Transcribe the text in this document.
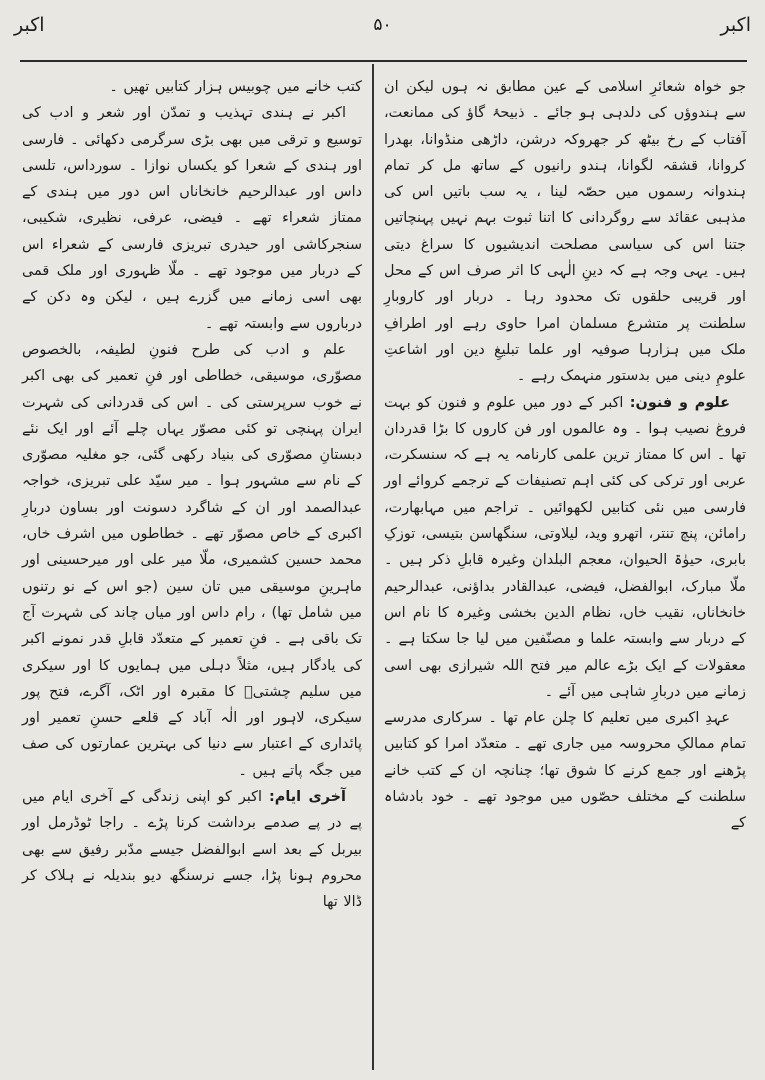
اکبر
۵۰
اکبر

جو خواہ شعائرِ اسلامی کے عین مطابق نہ ہوں لیکن ان سے ہندوؤں کی دلدہی ہو جائے ۔ ذبیحۂ گاؤ کی ممانعت، آفتاب کے رخ بیٹھ کر جھروکہ درشن، داڑھی منڈوانا، بھدرا کروانا، قشقہ لگوانا، ہندو رانیوں کے ساتھ مل کر تمام ہندوانہ رسموں میں حصّہ لینا ، یہ سب باتیں اس کی مذہبی عقائد سے روگردانی کا اتنا ثبوت بہم نہیں پہنچاتیں جتنا اس کی سیاسی مصلحت اندیشیوں کا سراغ دیتی ہیں۔ یہی وجہ ہے کہ دینِ الٰہی کا اثر صرف اس کے محل اور قریبی حلقوں تک محدود رہا ۔ دربار اور کاروبارِ سلطنت پر متشرع مسلمان امرا حاوی رہے اور اطرافِ ملک میں ہزارہا صوفیہ اور علما تبلیغِ دین اور اشاعتِ علومِ دینی میں بدستور منہمک رہے ۔

علوم و فنون: اکبر کے دور میں علوم و فنون کو بہت فروغ نصیب ہوا ۔ وہ عالموں اور فن کاروں کا بڑا قدردان تھا ۔ اس کا ممتاز ترین علمی کارنامہ یہ ہے کہ سنسکرت، عربی اور ترکی کی کئی اہم تصنیفات کے ترجمے کروائے اور فارسی میں نئی کتابیں لکھوائیں ۔ تراجم میں مہابھارت، رامائن، پنچ تنتر، اتھرو وید، لیلاوتی، سنگھاسن بتیسی، توزکِ بابری، حیوٰۃ الحیوان، معجم البلدان وغیرہ قابلِ ذکر ہیں ۔ ملّا مبارک، ابوالفضل، فیضی، عبدالقادر بداؤنی، عبدالرحیم خانخاناں، نقیب خاں، نظام الدین بخشی وغیرہ کا نام اس کے دربار سے وابستہ علما و مصنّفین میں لیا جا سکتا ہے ۔ معقولات کے ایک بڑے عالم میر فتح اللہ شیرازی بھی اسی زمانے میں دربارِ شاہی میں آئے ۔

عہدِ اکبری میں تعلیم کا چلن عام تھا ۔ سرکاری مدرسے تمام ممالکِ محروسہ میں جاری تھے ۔ متعدّد امرا کو کتابیں پڑھنے اور جمع کرنے کا شوق تھا؛ چنانچہ ان کے کتب خانے سلطنت کے مختلف حصّوں میں موجود تھے ۔ خود بادشاہ کے

کتب خانے میں چوبیس ہزار کتابیں تھیں ۔

اکبر نے ہندی تہذیب و تمدّن اور شعر و ادب کی توسیع و ترقی میں بھی بڑی سرگرمی دکھائی ۔ فارسی اور ہندی کے شعرا کو یکساں نوازا ۔ سورداس، تلسی داس اور عبدالرحیم خانخاناں اس دور میں ہندی کے ممتاز شعراء تھے ۔ فیضی، عرفی، نظیری، شکیبی، سنجرکاشی اور حیدری تبریزی فارسی کے شعراء اس کے دربار میں موجود تھے ۔ ملّا ظہوری اور ملک قمی بھی اسی زمانے میں گزرے ہیں ، لیکن وہ دکن کے درباروں سے وابستہ تھے ۔

علم و ادب کی طرح فنونِ لطیفہ، بالخصوص مصوّری، موسیقی، خطاطی اور فنِ تعمیر کی بھی اکبر نے خوب سرپرستی کی ۔ اس کی قدردانی کی شہرت ایران پہنچی تو کئی مصوّر یہاں چلے آئے اور ایک نئے دبستانِ مصوّری کی بنیاد رکھی گئی، جو مغلیہ مصوّری کے نام سے مشہور ہوا ۔ میر سیّد علی تبریزی، خواجہ عبدالصمد اور ان کے شاگرد دسونت اور بساون دربارِ اکبری کے خاص مصوّر تھے ۔ خطاطوں میں اشرف خاں، محمد حسین کشمیری، ملّا میر علی اور میرحسینی اور ماہرینِ موسیقی میں تان سین (جو اس کے نو رتنوں میں شامل تھا) ، رام داس اور میاں چاند کی شہرت آج تک باقی ہے ۔ فنِ تعمیر کے متعدّد قابلِ قدر نمونے اکبر کی یادگار ہیں، مثلاً دہلی میں ہمایوں کا اور سیکری میں سلیم چشتیؒ کا مقبرہ اور اٹک، آگرے، فتح پور سیکری، لاہور اور الٰہ آباد کے قلعے حسنِ تعمیر اور پائداری کے اعتبار سے دنیا کی بہترین عمارتوں کی صف میں جگہ پاتے ہیں ۔

آخری ایام: اکبر کو اپنی زندگی کے آخری ایام میں پے در پے صدمے برداشت کرنا پڑے ۔ راجا ٹوڈرمل اور بیربل کے بعد اسے ابوالفضل جیسے مدّبر رفیق سے بھی محروم ہونا پڑا، جسے نرسنگھ دیو بندیلہ نے ہلاک کر ڈالا تھا
